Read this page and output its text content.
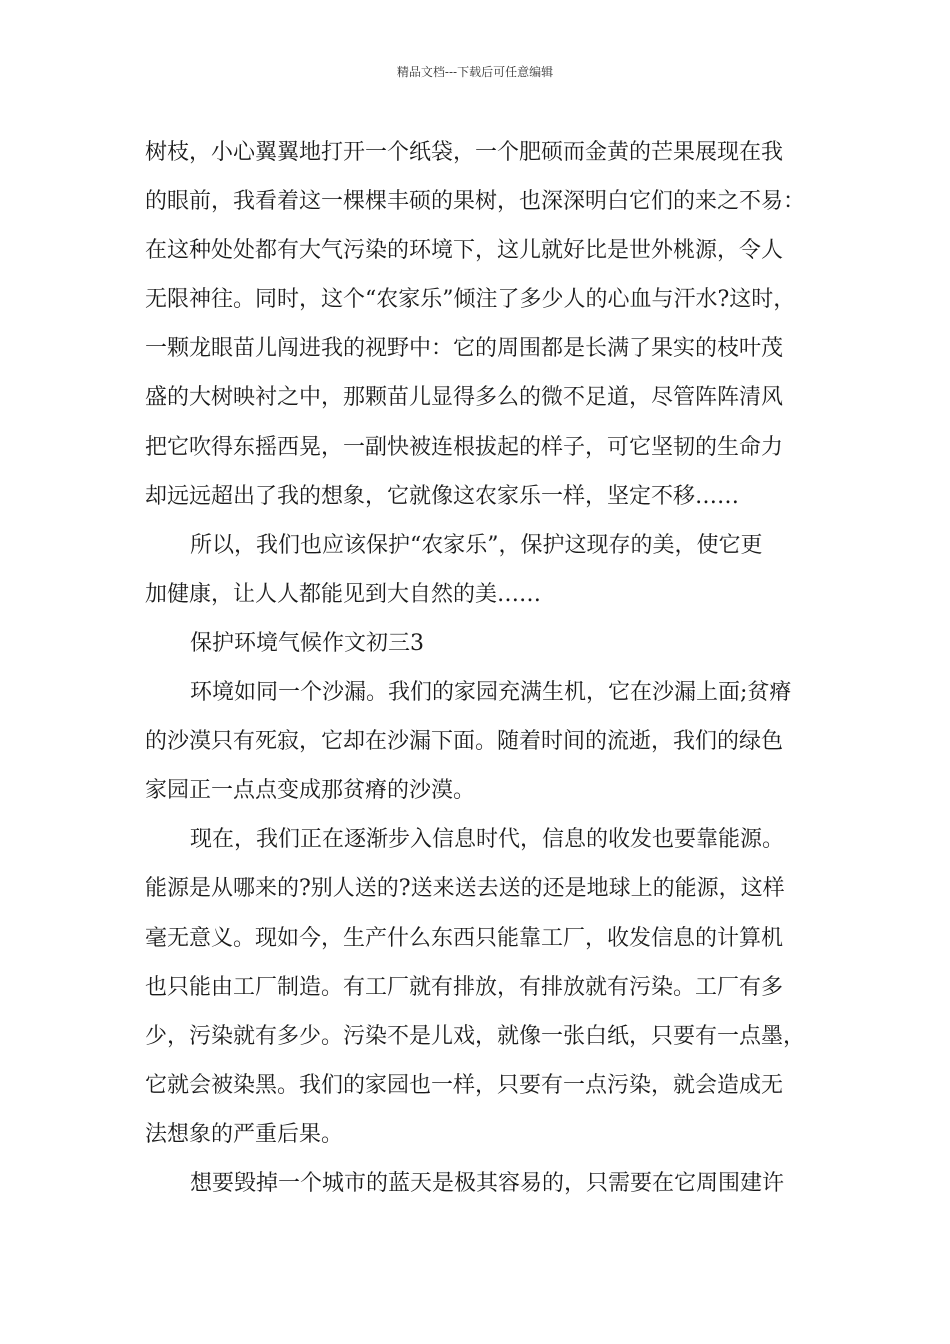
精品文档---下载后可任意编辑
树枝，小心翼翼地打开一个纸袋，一个肥硕而金黄的芒果展现在我
的眼前，我看着这一棵棵丰硕的果树，也深深明白它们的来之不易：
在这种处处都有大气污染的环境下，这儿就好比是世外桃源，令人
无限神往。同时，这个“农家乐”倾注了多少人的心血与汗水?这时，
一颗龙眼苗儿闯进我的视野中：它的周围都是长满了果实的枝叶茂
盛的大树映衬之中，那颗苗儿显得多么的微不足道，尽管阵阵清风
把它吹得东摇西晃，一副快被连根拔起的样子，可它坚韧的生命力
却远远超出了我的想象，它就像这农家乐一样，坚定不移……
所以，我们也应该保护“农家乐”，保护这现存的美，使它更
加健康，让人人都能见到大自然的美……
保护环境气候作文初三3
环境如同一个沙漏。我们的家园充满生机，它在沙漏上面;贫瘠
的沙漠只有死寂，它却在沙漏下面。随着时间的流逝，我们的绿色
家园正一点点变成那贫瘠的沙漠。
现在，我们正在逐渐步入信息时代，信息的收发也要靠能源。
能源是从哪来的?别人送的?送来送去送的还是地球上的能源，这样
毫无意义。现如今，生产什么东西只能靠工厂，收发信息的计算机
也只能由工厂制造。有工厂就有排放，有排放就有污染。工厂有多
少，污染就有多少。污染不是儿戏，就像一张白纸，只要有一点墨，
它就会被染黑。我们的家园也一样，只要有一点污染，就会造成无
法想象的严重后果。
想要毁掉一个城市的蓝天是极其容易的，只需要在它周围建许
